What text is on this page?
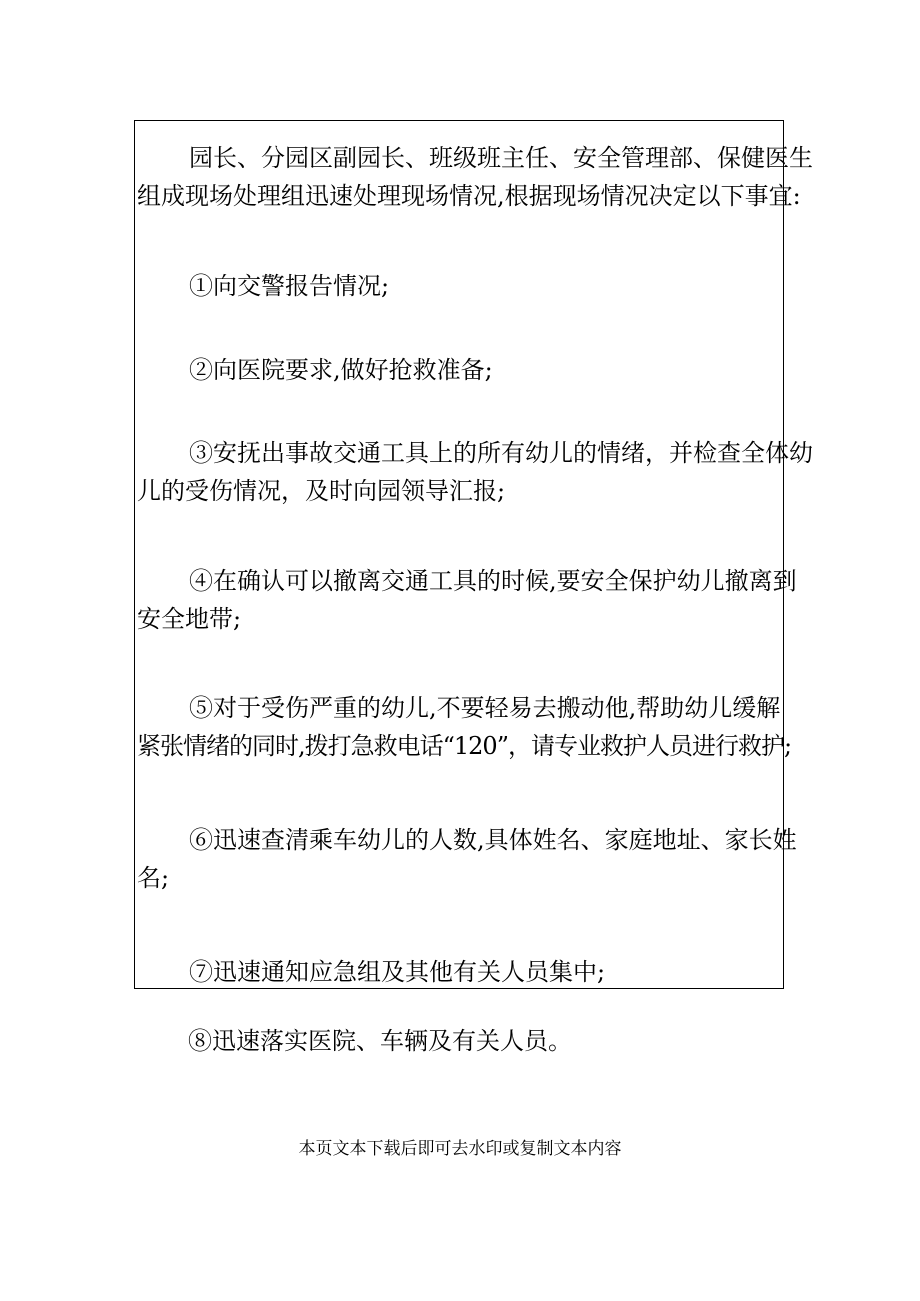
园长、分园区副园长、班级班主任、安全管理部、保健医生
组成现场处理组迅速处理现场情况,根据现场情况决定以下事宜:
①向交警报告情况;
②向医院要求,做好抢救准备;
③安抚出事故交通工具上的所有幼儿的情绪，并检查全体幼
儿的受伤情况，及时向园领导汇报;
④在确认可以撤离交通工具的时候,要安全保护幼儿撤离到
安全地带;
⑤对于受伤严重的幼儿,不要轻易去搬动他,帮助幼儿缓解
紧张情绪的同时,拨打急救电话“120”，请专业救护人员进行救护;
⑥迅速查清乘车幼儿的人数,具体姓名、家庭地址、家长姓
名;
⑦迅速通知应急组及其他有关人员集中;
⑧迅速落实医院、车辆及有关人员。
本页文本下载后即可去水印或复制文本内容
